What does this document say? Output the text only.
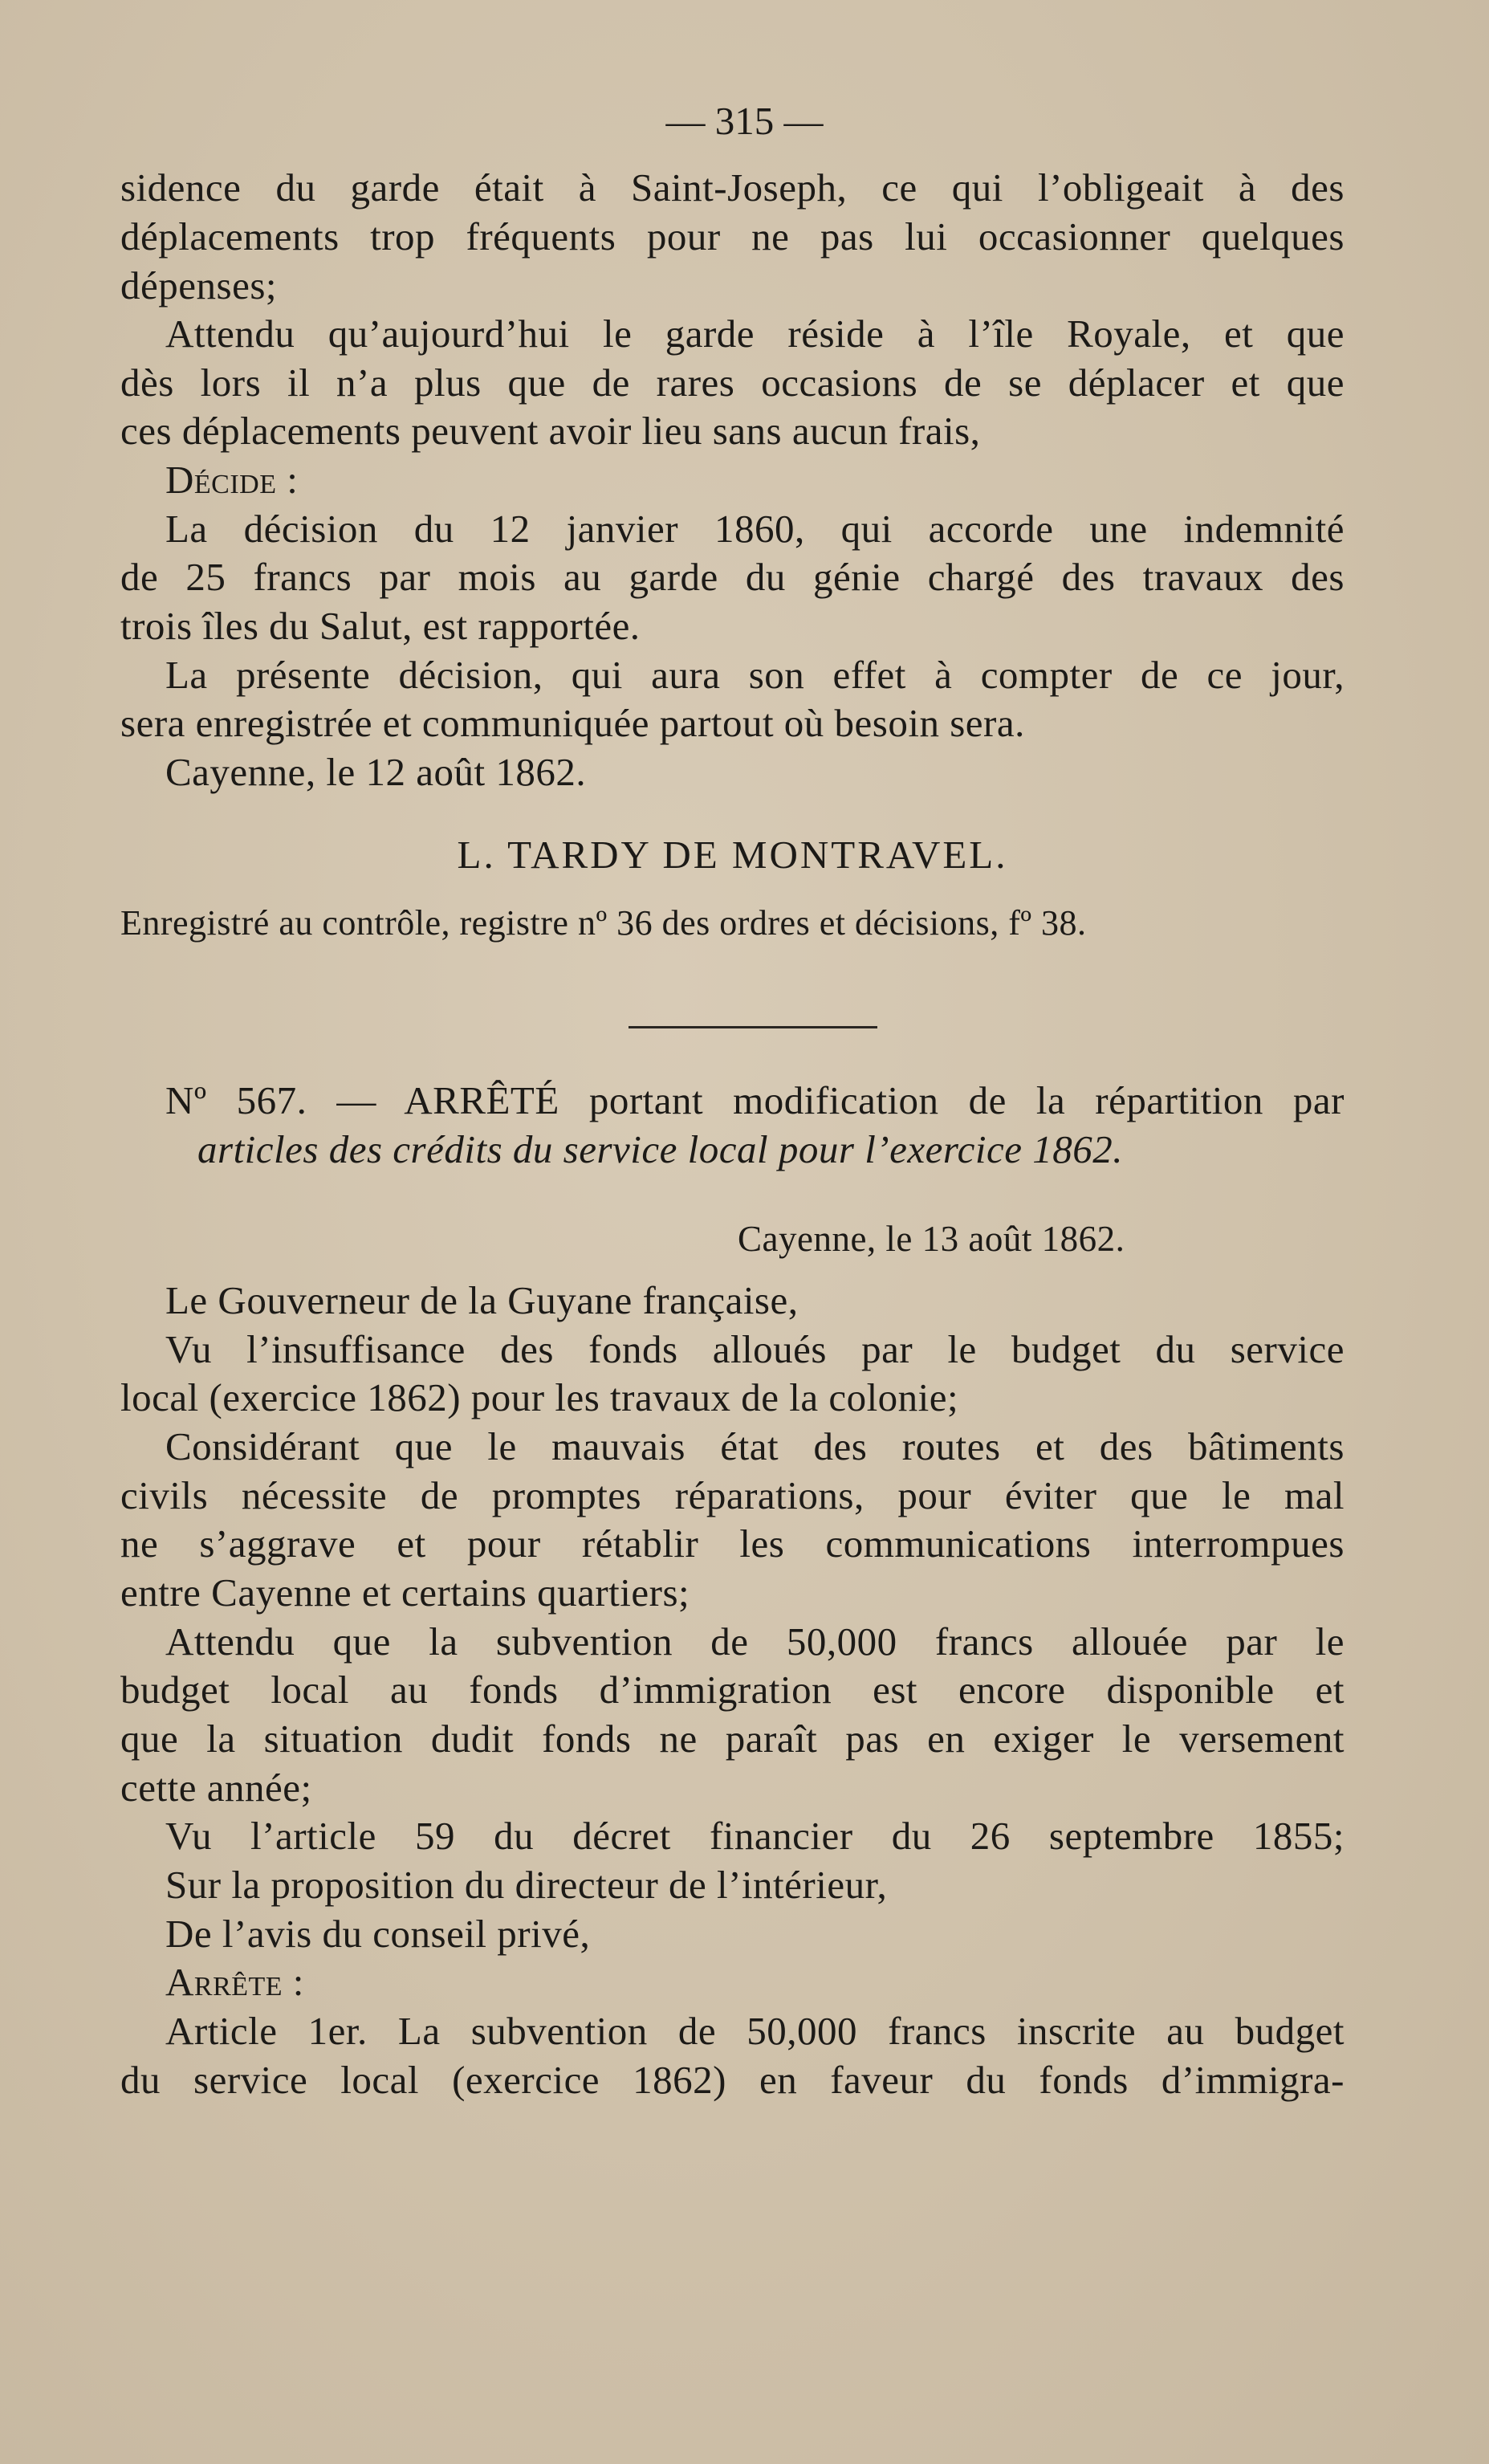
— 315 —
sidence du garde était à Saint-Joseph, ce qui l’obligeait à des
déplacements trop fréquents pour ne pas lui occasionner quelques
dépenses;
Attendu qu’aujourd’hui le garde réside à l’île Royale, et que
dès lors il n’a plus que de rares occasions de se déplacer et que
ces déplacements peuvent avoir lieu sans aucun frais,
Décide :
La décision du 12 janvier 1860, qui accorde une indemnité
de 25 francs par mois au garde du génie chargé des travaux des
trois îles du Salut, est rapportée.
La présente décision, qui aura son effet à compter de ce jour,
sera enregistrée et communiquée partout où besoin sera.
Cayenne, le 12 août 1862.
L. TARDY DE MONTRAVEL.
Enregistré au contrôle, registre nº 36 des ordres et décisions, fº 38.
Nº 567. — ARRÊTÉ portant modification de la répartition par
articles des crédits du service local pour l’exercice 1862.
Cayenne, le 13 août 1862.
Le Gouverneur de la Guyane française,
Vu l’insuffisance des fonds alloués par le budget du service
local (exercice 1862) pour les travaux de la colonie;
Considérant que le mauvais état des routes et des bâtiments
civils nécessite de promptes réparations, pour éviter que le mal
ne s’aggrave et pour rétablir les communications interrompues
entre Cayenne et certains quartiers;
Attendu que la subvention de 50,000 francs allouée par le
budget local au fonds d’immigration est encore disponible et
que la situation dudit fonds ne paraît pas en exiger le versement
cette année;
Vu l’article 59 du décret financier du 26 septembre 1855;
Sur la proposition du directeur de l’intérieur,
De l’avis du conseil privé,
Arrête :
Article 1er. La subvention de 50,000 francs inscrite au budget
du service local (exercice 1862) en faveur du fonds d’immigra-
